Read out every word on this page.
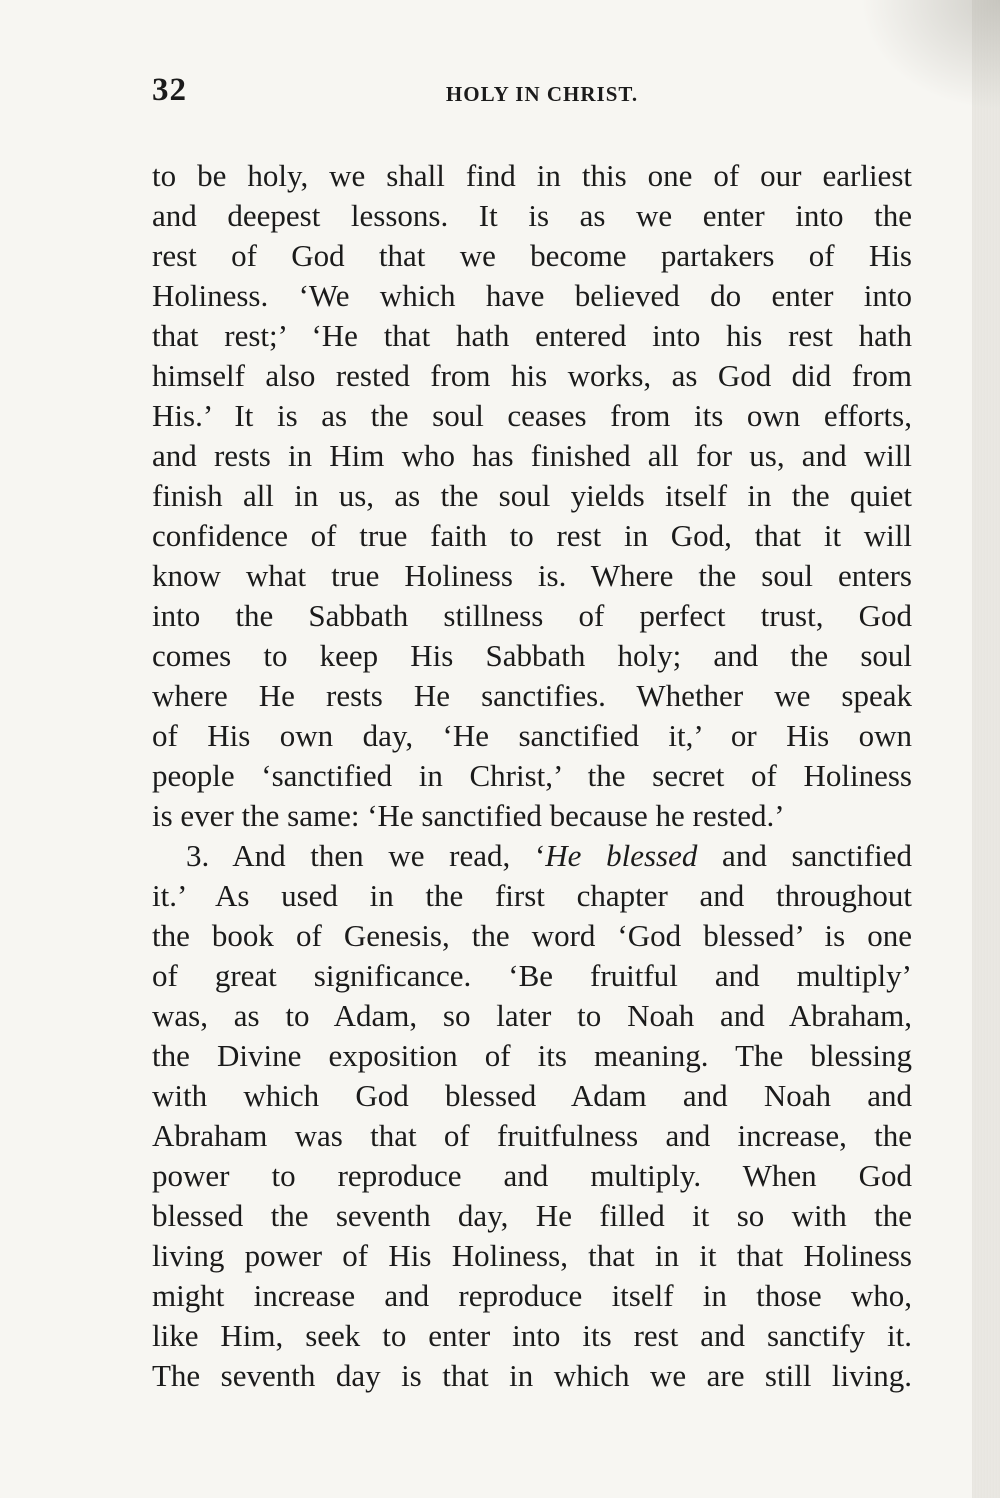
32	HOLY IN CHRIST.
to be holy, we shall find in this one of our earliest
and deepest lessons. It is as we enter into the
rest of God that we become partakers of His
Holiness. ‘We which have believed do enter into
that rest;’ ‘He that hath entered into his rest hath
himself also rested from his works, as God did from
His.’ It is as the soul ceases from its own efforts,
and rests in Him who has finished all for us, and will
finish all in us, as the soul yields itself in the quiet
confidence of true faith to rest in God, that it will
know what true Holiness is. Where the soul enters
into the Sabbath stillness of perfect trust, God
comes to keep His Sabbath holy; and the soul
where He rests He sanctifies. Whether we speak
of His own day, ‘He sanctified it,’ or His own
people ‘sanctified in Christ,’ the secret of Holiness
is ever the same: ‘He sanctified because he rested.’
3. And then we read, ‘He blessed and sanctified
it.’ As used in the first chapter and throughout
the book of Genesis, the word ‘God blessed’ is one
of great significance. ‘Be fruitful and multiply’
was, as to Adam, so later to Noah and Abraham,
the Divine exposition of its meaning. The blessing
with which God blessed Adam and Noah and
Abraham was that of fruitfulness and increase, the
power to reproduce and multiply. When God
blessed the seventh day, He filled it so with the
living power of His Holiness, that in it that Holiness
might increase and reproduce itself in those who,
like Him, seek to enter into its rest and sanctify it.
The seventh day is that in which we are still living.
